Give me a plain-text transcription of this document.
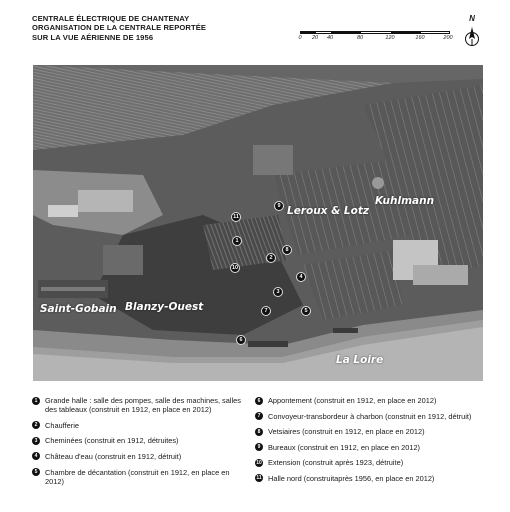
CENTRALE ÉLECTRIQUE DE CHANTENAY
ORGANISATION DE LA CENTRALE REPORTÉE
SUR LA VUE AÉRIENNE DE 1956	0 20 40	80	120	160	200
N
Leroux & Lotz
Kuhlmann
Saint-Gobain Blanzy-Ouest
La Loire
11
9
1
8
2
10
4
3
7	5
6
1	Grande halle : salle des pompes, salle des machines, salles des tableaux (construit en 1912, en place en 2012)
2	Chaufferie
3	Cheminées (construit en 1912, détruites)
4	Château d'eau (construit en 1912, détruit)
5	Chambre de décantation (construit en 1912, en place en 2012)
6	Appontement (construit en 1912, en place en 2012)
7	Convoyeur-transbordeur à charbon (construit en 1912, détruit)
8	Vetsiaires (construit en 1912, en place en 2012)
9	Bureaux (construit en 1912, en place en 2012)
10 Extension (construit après 1923, détruite)
11 Halle nord (construitaprès 1956, en place en 2012)
